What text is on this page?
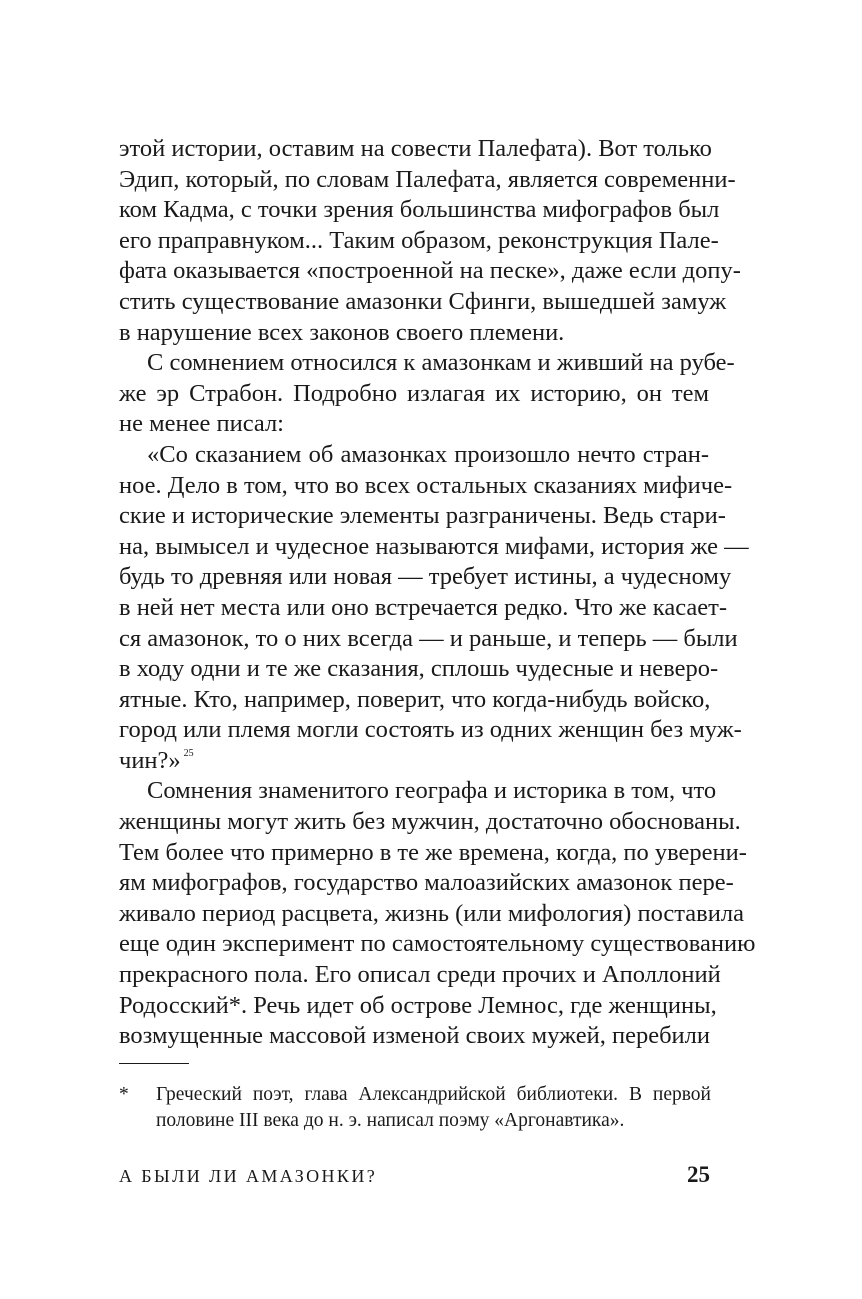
этой истории, оставим на совести Палефата). Вот только
Эдип, который, по словам Палефата, является современни-
ком Кадма, с точки зрения большинства мифографов был
его праправнуком... Таким образом, реконструкция Пале-
фата оказывается «построенной на песке», даже если допу-
стить существование амазонки Сфинги, вышедшей замуж
в нарушение всех законов своего племени.
С сомнением относился к амазонкам и живший на рубе-
же эр Страбон. Подробно излагая их историю, он тем
не менее писал:
«Со сказанием об амазонках произошло нечто стран-
ное. Дело в том, что во всех остальных сказаниях мифиче-
ские и исторические элементы разграничены. Ведь стари-
на, вымысел и чудесное называются мифами, история же —
будь то древняя или новая — требует истины, а чудесному
в ней нет места или оно встречается редко. Что же касает-
ся амазонок, то о них всегда — и раньше, и теперь — были
в ходу одни и те же сказания, сплошь чудесные и неверо-
ятные. Кто, например, поверит, что когда-нибудь войско,
город или племя могли состоять из одних женщин без муж-
чин?» $^{25}$
Сомнения знаменитого географа и историка в том, что
женщины могут жить без мужчин, достаточно обоснованы.
Тем более что примерно в те же времена, когда, по уверени-
ям мифографов, государство малоазийских амазонок пере-
живало период расцвета, жизнь (или мифология) поставила
еще один эксперимент по самостоятельному существованию
прекрасного пола. Его описал среди прочих и Аполлоний
Родосский*. Речь идет об острове Лемнос, где женщины,
возмущенные массовой изменой своих мужей, перебили
* Греческий поэт, глава Александрийской библиотеки. В первой
половине III века до н. э. написал поэму «Аргонавтика».
А БЫЛИ ЛИ АМАЗОНКИ?	25
